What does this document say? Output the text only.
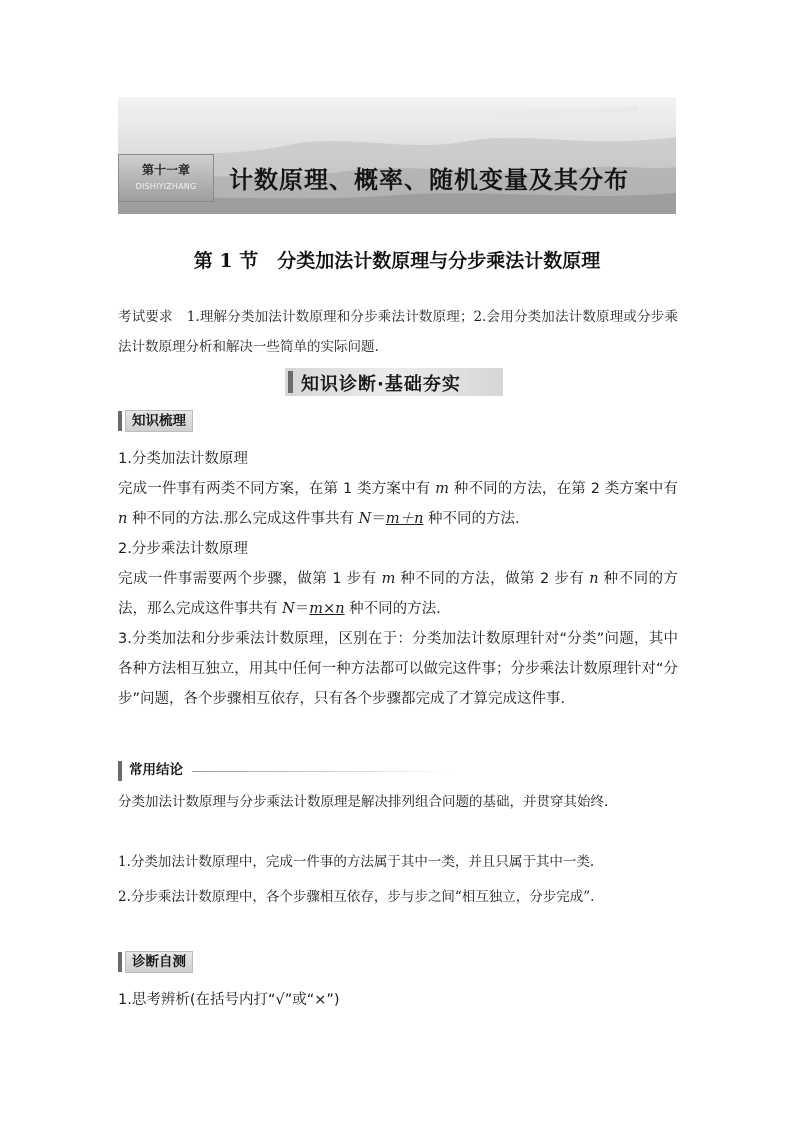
第十一章
DISHIYIZHANG	计数原理、概率、随机变量及其分布
第 1 节　分类加法计数原理与分步乘法计数原理
考试要求 1.理解分类加法计数原理和分步乘法计数原理；2.会用分类加法计数原理或分步乘法计数原理分析和解决一些简单的实际问题.
知识诊断·基础夯实
知识梳理
1.分类加法计数原理
完成一件事有两类不同方案，在第 1 类方案中有 m 种不同的方法，在第 2 类方案中有 n 种不同的方法.那么完成这件事共有 N＝m＋n 种不同的方法.
2.分步乘法计数原理
完成一件事需要两个步骤，做第 1 步有 m 种不同的方法，做第 2 步有 n 种不同的方法，那么完成这件事共有 N＝m×n 种不同的方法.
3.分类加法和分步乘法计数原理，区别在于：分类加法计数原理针对“分类”问题，其中各种方法相互独立，用其中任何一种方法都可以做完这件事；分步乘法计数原理针对“分步”问题，各个步骤相互依存，只有各个步骤都完成了才算完成这件事.
常用结论
分类加法计数原理与分步乘法计数原理是解决排列组合问题的基础，并贯穿其始终.
1.分类加法计数原理中，完成一件事的方法属于其中一类，并且只属于其中一类.
2.分步乘法计数原理中，各个步骤相互依存，步与步之间“相互独立，分步完成”.
诊断自测
1.思考辨析(在括号内打“√”或“×”)
